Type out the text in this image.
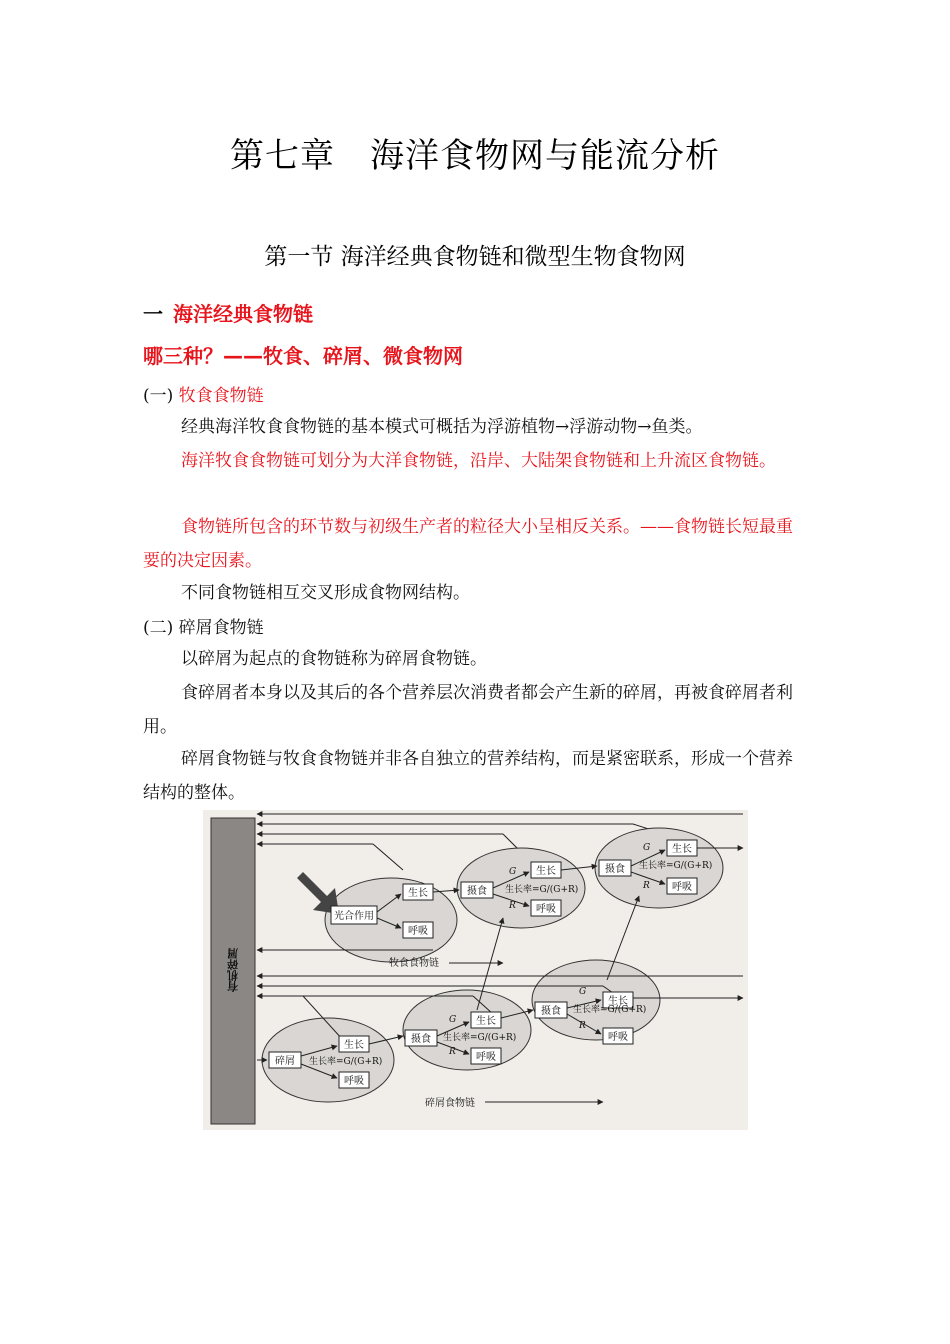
第七章　海洋食物网与能流分析
第一节 海洋经典食物链和微型生物食物网
一 海洋经典食物链
哪三种？——牧食、碎屑、微食物网
(一) 牧食食物链
经典海洋牧食食物链的基本模式可概括为浮游植物→浮游动物→鱼类。
海洋牧食食物链可划分为大洋食物链，沿岸、大陆架食物链和上升流区食物链。
食物链所包含的环节数与初级生产者的粒径大小呈相反关系。——食物链长短最重要的决定因素。
不同食物链相互交叉形成食物网结构。
(二) 碎屑食物链
以碎屑为起点的食物链称为碎屑食物链。
食碎屑者本身以及其后的各个营养层次消费者都会产生新的碎屑，再被食碎屑者利用。
碎屑食物链与牧食食物链并非各自独立的营养结构，而是紧密联系，形成一个营养结构的整体。
有机碎屑
光合作用
生长
呼吸
摄食
G
R
生长
生长率=G/(G+R)
呼吸
摄食
G
R
生长
生长率=G/(G+R)
呼吸
牧食食物链
碎屑
生长
生长率=G/(G+R)
呼吸
摄食
G
R
生长
生长率=G/(G+R)
呼吸
摄食
G
R
生长
生长率=G/(G+R)
呼吸
碎屑食物链
